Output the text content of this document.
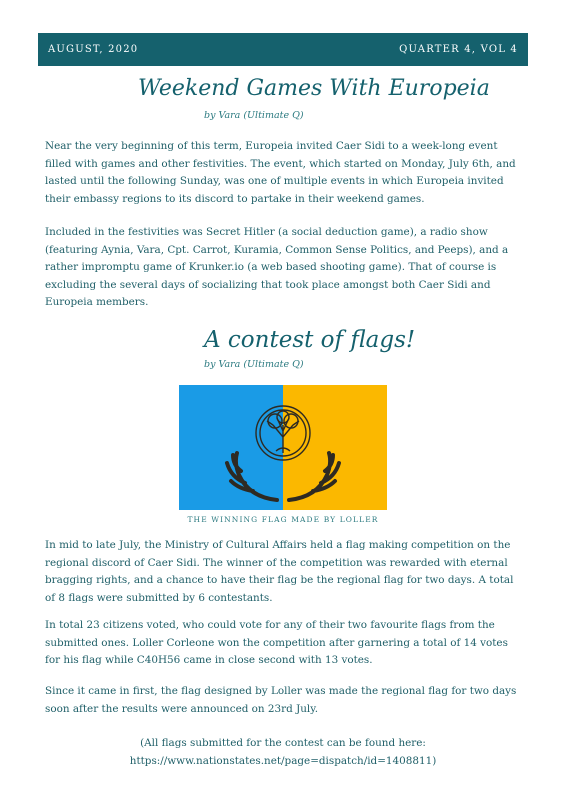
AUGUST, 2020	QUARTER 4, VOL 4
Weekend Games With Europeia
by Vara (Ultimate Q)

Near the very beginning of this term, Europeia invited Caer Sidi to a week-long event filled with games and other festivities. The event, which started on Monday, July 6th, and lasted until the following Sunday, was one of multiple events in which Europeia invited their embassy regions to its discord to partake in their weekend games.

Included in the festivities was Secret Hitler (a social deduction game), a radio show (featuring Aynia, Vara, Cpt. Carrot, Kuramia, Common Sense Politics, and Peeps), and a rather impromptu game of Krunker.io (a web based shooting game). That of course is excluding the several days of socializing that took place amongst both Caer Sidi and Europeia members.

A contest of flags!
by Vara (Ultimate Q)
THE WINNING FLAG MADE BY LOLLER

In mid to late July, the Ministry of Cultural Affairs held a flag making competition on the regional discord of Caer Sidi. The winner of the competition was rewarded with eternal bragging rights, and a chance to have their flag be the regional flag for two days. A total of 8 flags were submitted by 6 contestants.

In total 23 citizens voted, who could vote for any of their two favourite flags from the submitted ones. Loller Corleone won the competition after garnering a total of 14 votes for his flag while C40H56 came in close second with 13 votes.

Since it came in first, the flag designed by Loller was made the regional flag for two days soon after the results were announced on 23rd July.

(All flags submitted for the contest can be found here:
https://www.nationstates.net/page=dispatch/id=1408811)
